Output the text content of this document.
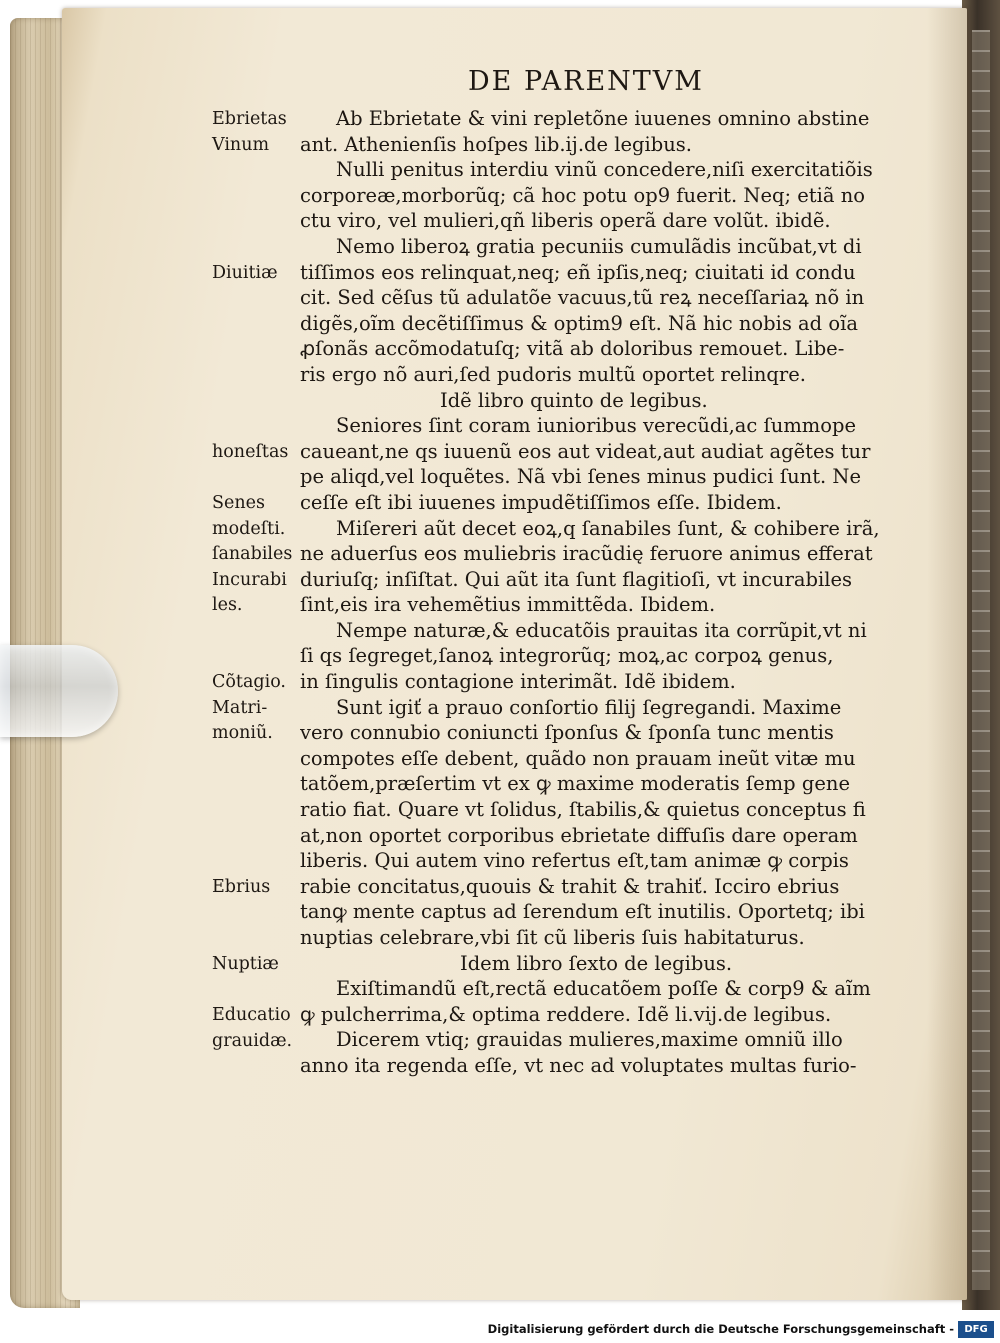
DE PARENTVM
Ab Ebrietate & vini repletõne iuuenes omnino abstine
ant. Athenienſis hoſpes lib.ij.de legibus.
Nulli penitus interdiu vinũ concedere,niſi exercitatiõis
corporeæ,morborũq; cã hoc potu op9 fuerit. Neq; etiã no
ctu viro, vel mulieri,qñ liberis operã dare volũt. ibidẽ.
Nemo liberoꝝ gratia pecuniis cumulãdis incũbat,vt di
tiſſimos eos relinquat,neq; eñ ipſis,neq; ciuitati id condu
cit. Sed cẽſus tũ adulatõe vacuus,tũ reꝝ neceſſariaꝝ nõ in
digẽs,oĩm decẽtiſſimus & optim9 eſt. Nã hic nobis ad oĩa
ꝓſonãs accõmodatuſq; vitã ab doloribus remouet. Libe-
ris ergo nõ auri,ſed pudoris multũ oportet relinqre.
Idẽ libro quinto de legibus.
Seniores ſint coram iunioribus verecũdi,ac ſummope
caueant,ne qs iuuenũ eos aut videat,aut audiat agẽtes tur
pe aliqd,vel loquẽtes. Nã vbi ſenes minus pudici ſunt. Ne
ceſſe eſt ibi iuuenes impudẽtiſſimos eſſe. Ibidem.
Miſereri aũt decet eoꝝ,q ſanabiles ſunt, & cohibere irã,
ne aduerſus eos muliebris iracũdię feruore animus efferat
duriuſq; inſiſtat. Qui aũt ita ſunt flagitioſi, vt incurabiles
ſint,eis ira vehemẽtius immittẽda. Ibidem.
Nempe naturæ,& educatõis prauitas ita corrũpit,vt ni
ſi qs ſegreget,ſanoꝝ integrorũq; moꝝ,ac corpoꝝ genus,
in ſingulis contagione interimãt. Idẽ ibidem.
Sunt igiť a prauo conſortio filij ſegregandi. Maxime
vero connubio coniuncti ſponſus & ſponſa tunc mentis
compotes eſſe debent, quãdo non prauam ineũt vitæ mu
tatõem,præſertim vt ex ꝙ maxime moderatis ſemp gene
ratio fiat. Quare vt ſolidus, ſtabilis,& quietus conceptus fi
at,non oportet corporibus ebrietate diffuſis dare operam
liberis. Qui autem vino refertus eſt,tam animæ ꝙ corpis
rabie concitatus,quouis & trahit & trahiť. Icciro ebrius
tanꝙ mente captus ad ſerendum eſt inutilis. Oportetq; ibi
nuptias celebrare,vbi ſit cũ liberis ſuis habitaturus.
Idem libro ſexto de legibus.
Exiſtimandũ eſt,rectã educatõem poſſe & corp9 & aĩm
ꝙ pulcherrima,& optima reddere. Idẽ li.vij.de legibus.
Dicerem vtiq; grauidas mulieres,maxime omniũ illo
anno ita regenda eſſe, vt nec ad voluptates multas furio-
Ebrietas
Vinum
Diuitiæ
honeſtas
Senes
modeſti.
ſanabiles
Incurabi
les.
Cõtagio.
Matri-
moniũ.
Ebrius
Nuptiæ
Educatio
grauidæ.
Digitalisierung gefördert durch die Deutsche Forschungsgemeinschaft -	DFG
